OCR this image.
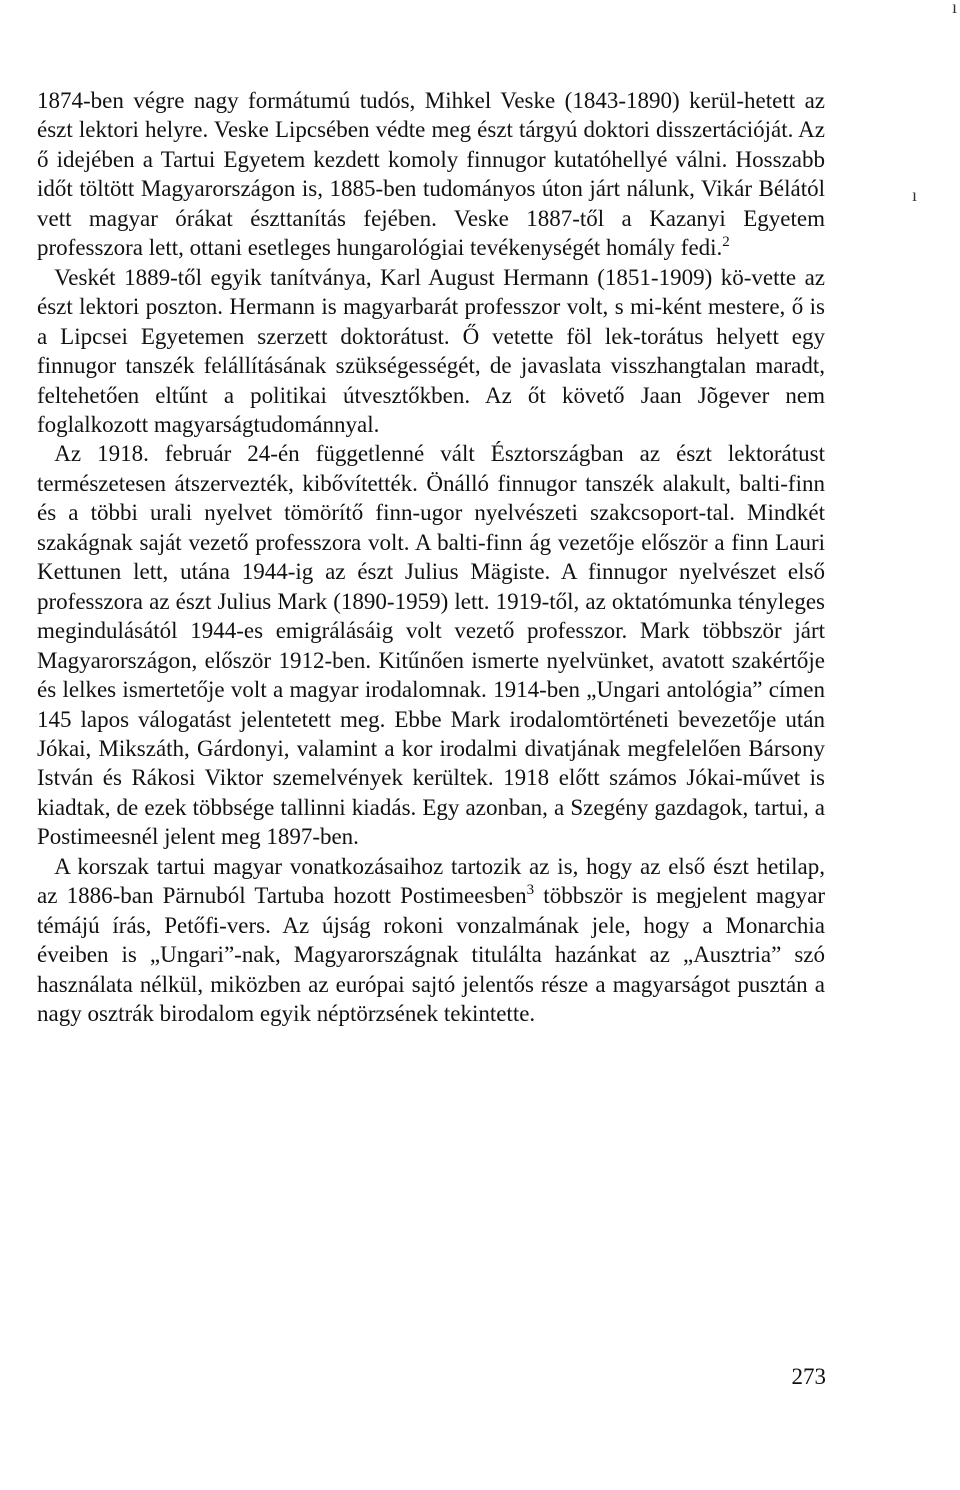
ı
ı

1874-ben végre nagy formátumú tudós, Mihkel Veske (1843-1890) kerül-hetett az észt lektori helyre. Veske Lipcsében védte meg észt tárgyú doktori disszertációját. Az ő idejében a Tartui Egyetem kezdett komoly finnugor kutatóhellyé válni. Hosszabb időt töltött Magyarországon is, 1885-ben tudományos úton járt nálunk, Vikár Bélától vett magyar órákat észttanítás fejében. Veske 1887-től a Kazanyi Egyetem professzora lett, ottani esetleges hungarológiai tevékenységét homály fedi.$^2$

Veskét 1889-től egyik tanítványa, Karl August Hermann (1851-1909) kö-vette az észt lektori poszton. Hermann is magyarbarát professzor volt, s mi-ként mestere, ő is a Lipcsei Egyetemen szerzett doktorátust. Ő vetette föl lek-torátus helyett egy finnugor tanszék felállításának szükségességét, de javaslata visszhangtalan maradt, feltehetően eltűnt a politikai útvesztőkben. Az őt követő Jaan Jõgever nem foglalkozott magyarságtudománnyal.

Az 1918. február 24-én függetlenné vált Észtországban az észt lektorátust természetesen átszervezték, kibővítették. Önálló finnugor tanszék alakult, balti-finn és a többi urali nyelvet tömörítő finn-ugor nyelvészeti szakcsoport-tal. Mindkét szakágnak saját vezető professzora volt. A balti-finn ág vezetője először a finn Lauri Kettunen lett, utána 1944-ig az észt Julius Mägiste. A finnugor nyelvészet első professzora az észt Julius Mark (1890-1959) lett. 1919-től, az oktatómunka tényleges megindulásától 1944-es emigrálásáig volt vezető professzor. Mark többször járt Magyarországon, először 1912-ben. Kitűnően ismerte nyelvünket, avatott szakértője és lelkes ismertetője volt a magyar irodalomnak. 1914-ben „Ungari antológia” címen 145 lapos válogatást jelentetett meg. Ebbe Mark irodalomtörténeti bevezetője után Jókai, Mikszáth, Gárdonyi, valamint a kor irodalmi divatjának megfelelően Bársony István és Rákosi Viktor szemelvények kerültek. 1918 előtt számos Jókai-művet is kiadtak, de ezek többsége tallinni kiadás. Egy azonban, a Szegény gazdagok, tartui, a Postimeesnél jelent meg 1897-ben.

A korszak tartui magyar vonatkozásaihoz tartozik az is, hogy az első észt hetilap, az 1886-ban Pärnuból Tartuba hozott Postimeesben$^3$ többször is megjelent magyar témájú írás, Petőfi-vers. Az újság rokoni vonzalmának jele, hogy a Monarchia éveiben is „Ungari”-nak, Magyarországnak titulálta hazánkat az „Ausztria” szó használata nélkül, miközben az európai sajtó jelentős része a magyarságot pusztán a nagy osztrák birodalom egyik néptörzsének tekintette.

273
